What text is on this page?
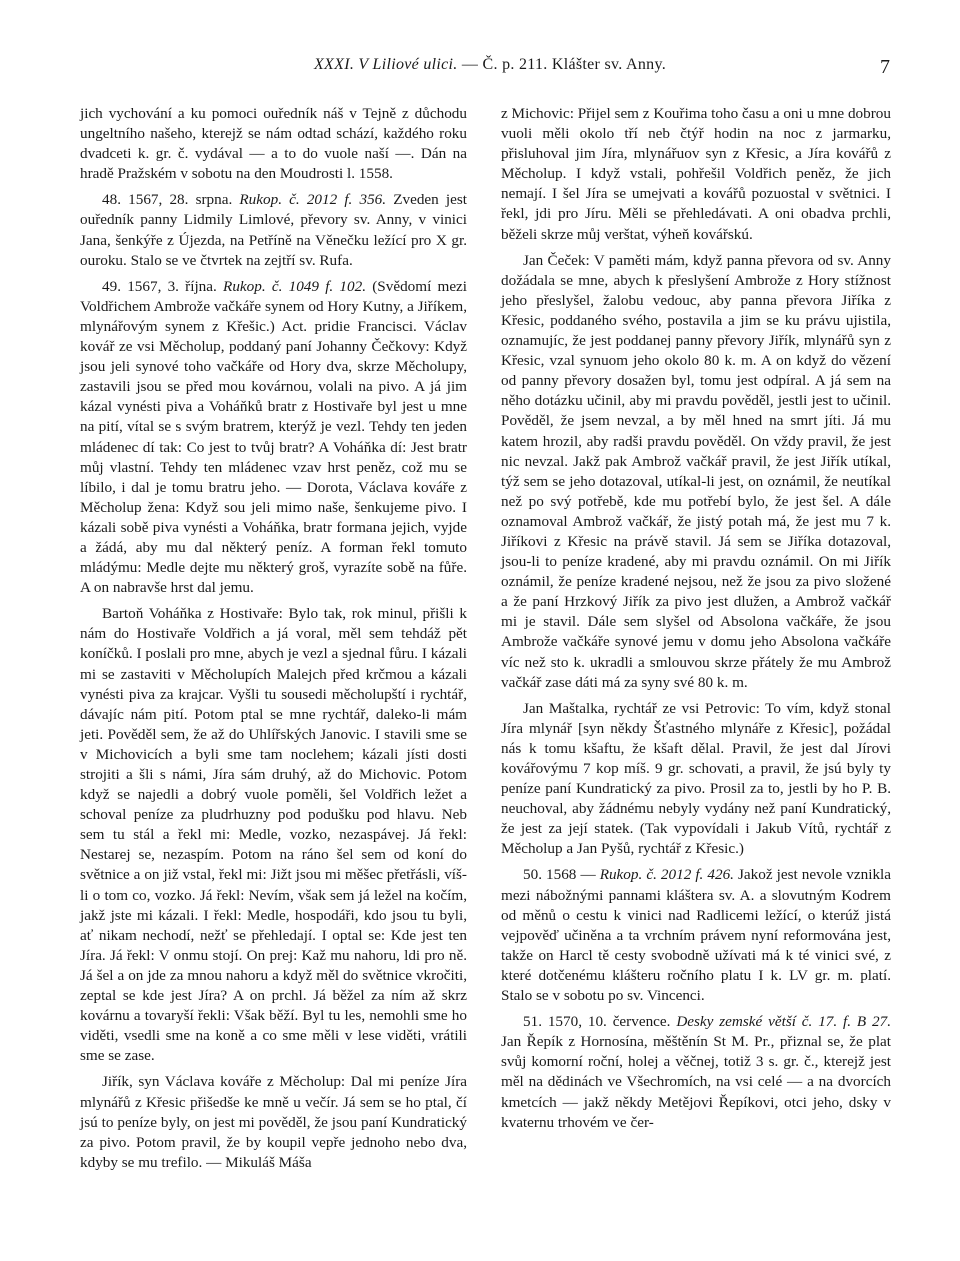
XXXI. V Liliové ulici. — Č. p. 211. Klášter sv. Anny.	7

jich vychování a ku pomoci ouředník náš v Tejně z důchodu ungeltního našeho, kterejž se nám odtad schází, každého roku dvadceti k. gr. č. vydával — a to do vuole naší —. Dán na hradě Pražském v sobotu na den Moudrosti l. 1558.

48. 1567, 28. srpna. Rukop. č. 2012 f. 356. Zveden jest ouředník panny Lidmily Limlové, převory sv. Anny, v vinici Jana, šenkýře z Újezda, na Petříně na Věnečku ležící pro X gr. ouroku. Stalo se ve čtvrtek na zejtří sv. Rufa.

49. 1567, 3. října. Rukop. č. 1049 f. 102. (Svědomí mezi Voldřichem Ambrože vačkáře synem od Hory Kutny, a Jiříkem, mlynářovým synem z Křešic.) Act. pridie Francisci. Václav kovář ze vsi Měcholup, poddaný paní Johanny Čečkovy: Když jsou jeli synové toho vačkáře od Hory dva, skrze Měcholupy, zastavili jsou se před mou kovárnou, volali na pivo. A já jim kázal vynésti piva a Voháňků bratr z Hostivaře byl jest u mne na pití, vítal se s svým bratrem, kterýž je vezl. Tehdy ten jeden mládenec dí tak: Co jest to tvůj bratr? A Voháňka dí: Jest bratr můj vlastní. Tehdy ten mládenec vzav hrst peněz, což mu se líbilo, i dal je tomu bratru jeho. — Dorota, Václava kováře z Měcholup žena: Když sou jeli mimo naše, šenkujeme pivo. I kázali sobě piva vynésti a Voháňka, bratr formana jejich, vyjde a žádá, aby mu dal některý peníz. A forman řekl tomuto mládýmu: Medle dejte mu některý groš, vyrazíte sobě na fůře. A on nabravše hrst dal jemu.

Bartoň Voháňka z Hostivaře: Bylo tak, rok minul, přišli k nám do Hostivaře Voldřich a já voral, měl sem tehdáž pět koníčků. I poslali pro mne, abych je vezl a sjednal fůru. I kázali mi se zastaviti v Měcholupích Malejch před krčmou a kázali vynésti piva za krajcar. Vyšli tu sousedi měcholupští i rychtář, dávajíc nám pití. Potom ptal se mne rychtář, daleko-li mám jeti. Pověděl sem, že až do Uhlířských Janovic. I stavili sme se v Michovicích a byli sme tam noclehem; kázali jísti dosti strojiti a šli s námi, Jíra sám druhý, až do Michovic. Potom když se najedli a dobrý vuole poměli, šel Voldřich ležet a schoval peníze za pludrhuzny pod podušku pod hlavu. Neb sem tu stál a řekl mi: Medle, vozko, nezaspávej. Já řekl: Nestarej se, nezaspím. Potom na ráno šel sem od koní do světnice a on již vstal, řekl mi: Jižt jsou mi měšec přetřásli, víš-li o tom co, vozko. Já řekl: Nevím, však sem já ležel na kočím, jakž jste mi kázali. I řekl: Medle, hospodáři, kdo jsou tu byli, ať nikam nechodí, nežť se přehledají. I optal se: Kde jest ten Jíra. Já řekl: V onmu stojí. On prej: Kaž mu nahoru, ldi pro ně. Já šel a on jde za mnou nahoru a když měl do světnice vkročiti, zeptal se kde jest Jíra? A on prchl. Já běžel za ním až skrz kovárnu a tovaryší řekli: Však běží. Byl tu les, nemohli sme ho viděti, vsedli sme na koně a co sme měli v lese viděti, vrátili sme se zase.

Jiřík, syn Václava kováře z Měcholup: Dal mi peníze Jíra mlynářů z Křesic přišedše ke mně u večír. Já sem se ho ptal, čí jsú to peníze byly, on jest mi pověděl, že jsou paní Kundratický za pivo. Potom pravil, že by koupil vepře jednoho nebo dva, kdyby se mu trefilo. — Mikuláš Máša

z Michovic: Přijel sem z Kouřima toho času a oni u mne dobrou vuoli měli okolo tří neb čtýř hodin na noc z jarmarku, přisluhoval jim Jíra, mlynářuov syn z Křesic, a Jíra kovářů z Měcholup. I když vstali, pohřešil Voldřich peněz, že jich nemají. I šel Jíra se umejvati a kovářů pozuostal v světnici. I řekl, jdi pro Jíru. Měli se přehledávati. A oni obadva prchli, běželi skrze můj verštat, výheň kovářskú.

Jan Čeček: V paměti mám, když panna převora od sv. Anny dožádala se mne, abych k přeslyšení Ambrože z Hory stížnost jeho přeslyšel, žalobu vedouc, aby panna převora Jiříka z Křesic, poddaného svého, postavila a jim se ku právu ujistila, oznamujíc, že jest poddanej panny převory Jiřík, mlynářů syn z Křesic, vzal synuom jeho okolo 80 k. m. A on když do vězení od panny převory dosažen byl, tomu jest odpíral. A já sem na něho dotázku učinil, aby mi pravdu pověděl, jestli jest to učinil. Pověděl, že jsem nevzal, a by měl hned na smrt jíti. Já mu katem hrozil, aby radši pravdu pověděl. On vždy pravil, že jest nic nevzal. Jakž pak Ambrož vačkář pravil, že jest Jiřík utíkal, týž sem se jeho dotazoval, utíkal-li jest, on oznámil, že neutíkal než po svý potřebě, kde mu potřebí bylo, že jest šel. A dále oznamoval Ambrož vačkář, že jistý potah má, že jest mu 7 k. Jiříkovi z Křesic na právě stavil. Já sem se Jiříka dotazoval, jsou-li to peníze kradené, aby mi pravdu oznámil. On mi Jiřík oznámil, že peníze kradené nejsou, než že jsou za pivo složené a že paní Hrzkový Jiřík za pivo jest dlužen, a Ambrož vačkář mi je stavil. Dále sem slyšel od Absolona vačkáře, že jsou Ambrože vačkáře synové jemu v domu jeho Absolona vačkáře víc než sto k. ukradli a smlouvou skrze přátely že mu Ambrož vačkář zase dáti má za syny své 80 k. m.

Jan Maštalka, rychtář ze vsi Petrovic: To vím, když stonal Jíra mlynář [syn někdy Šťastného mlynáře z Křesic], požádal nás k tomu kšaftu, že kšaft dělal. Pravil, že jest dal Jírovi kovářovýmu 7 kop míš. 9 gr. schovati, a pravil, že jsú byly ty peníze paní Kundratický za pivo. Prosil za to, jestli by ho P. B. neuchoval, aby žádnému nebyly vydány než paní Kundratický, že jest za její statek. (Tak vypovídali i Jakub Vítů, rychtář z Měcholup a Jan Pyšů, rychtář z Křesic.)

50. 1568 — Rukop. č. 2012 f. 426. Jakož jest nevole vznikla mezi nábožnými pannami kláštera sv. A. a slovutným Kodrem od měnů o cestu k vinici nad Radlicemi ležící, o kterúž jistá vejpověď učiněna a ta vrchním právem nyní reformována jest, takže on Harcl tě cesty svobodně užívati má k té vinici své, z které dotčenému klášteru ročního platu I k. LV gr. m. platí. Stalo se v sobotu po sv. Vincenci.

51. 1570, 10. července. Desky zemské větší č. 17. f. B 27. Jan Řepík z Hornosína, měštěnín St M. Pr., přiznal se, že plat svůj komorní roční, holej a věčnej, totiž 3 s. gr. č., kterejž jest měl na dědinách ve Všechromích, na vsi celé — a na dvorcích kmetcích — jakž někdy Metějovi Řepíkovi, otci jeho, dsky v kvaternu trhovém ve čer-
